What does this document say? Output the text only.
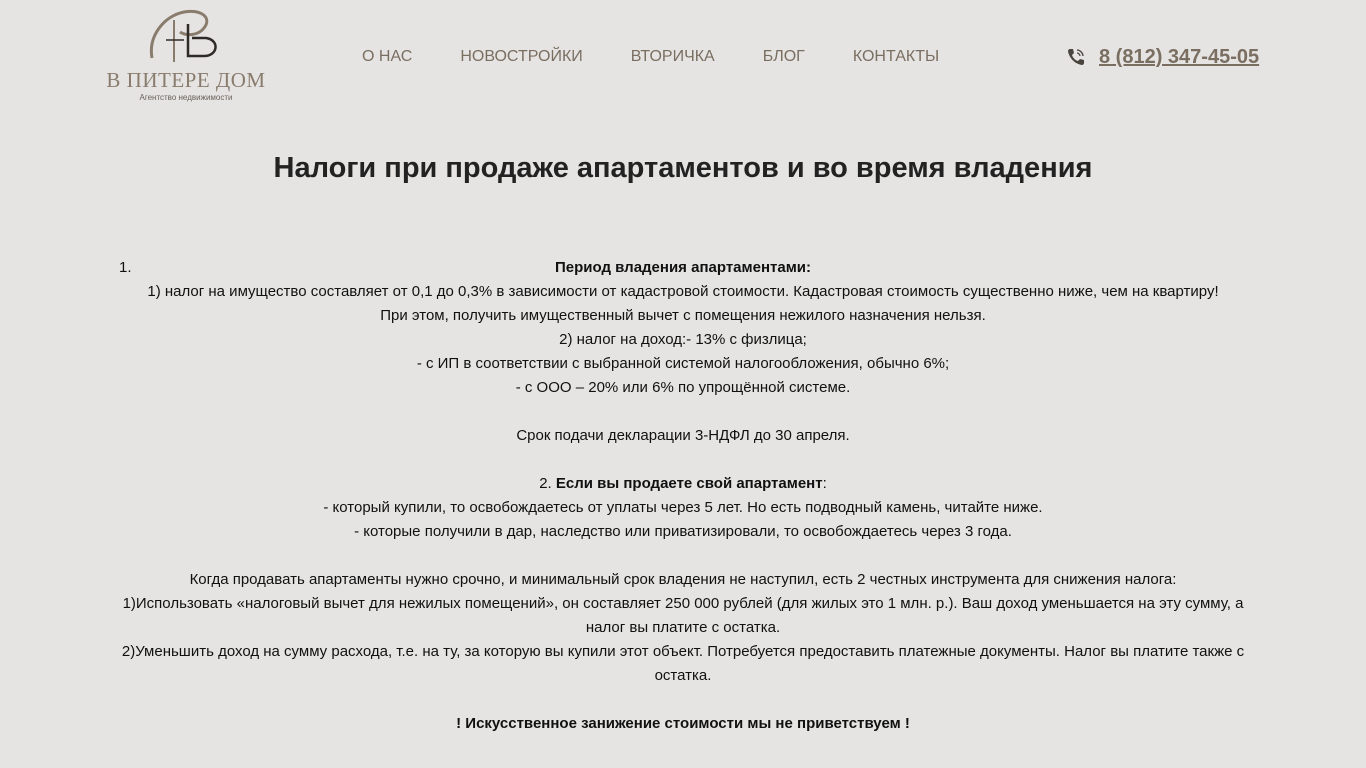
В ПИТЕРЕ ДОМ
Агентство недвижимости
О НАС	НОВОСТРОЙКИ	ВТОРИЧКА	БЛОГ	КОНТАКТЫ	8 (812) 347-45-05
Налоги при продаже апартаментов и во время владения
1.	Период владения апартаментами:

1) налог на имущество составляет от 0,1 до 0,3% в зависимости от кадастровой стоимости. Кадастровая стоимость существенно ниже, чем на квартиру!

При этом, получить имущественный вычет с помещения нежилого назначения нельзя.

2) налог на доход:- 13% с физлица;

- с ИП в соответствии с выбранной системой налогообложения, обычно 6%;

- с ООО – 20% или 6% по упрощённой системе.

Срок подачи декларации 3-НДФЛ до 30 апреля.

2. Если вы продаете свой апартамент:

- который купили, то освобождаетесь от уплаты через 5 лет. Но есть подводный камень, читайте ниже.

- которые получили в дар, наследство или приватизировали, то освобождаетесь через 3 года.

Когда продавать апартаменты нужно срочно, и минимальный срок владения не наступил, есть 2 честных инструмента для снижения налога:

1)Использовать «налоговый вычет для нежилых помещений», он составляет 250 000 рублей (для жилых это 1 млн. р.). Ваш доход уменьшается на эту сумму, а налог вы платите с остатка.

2)Уменьшить доход на сумму расхода, т.е. на ту, за которую вы купили этот объект. Потребуется предоставить платежные документы. Налог вы платите также с остатка.

! Искусственное занижение стоимости мы не приветствуем !
